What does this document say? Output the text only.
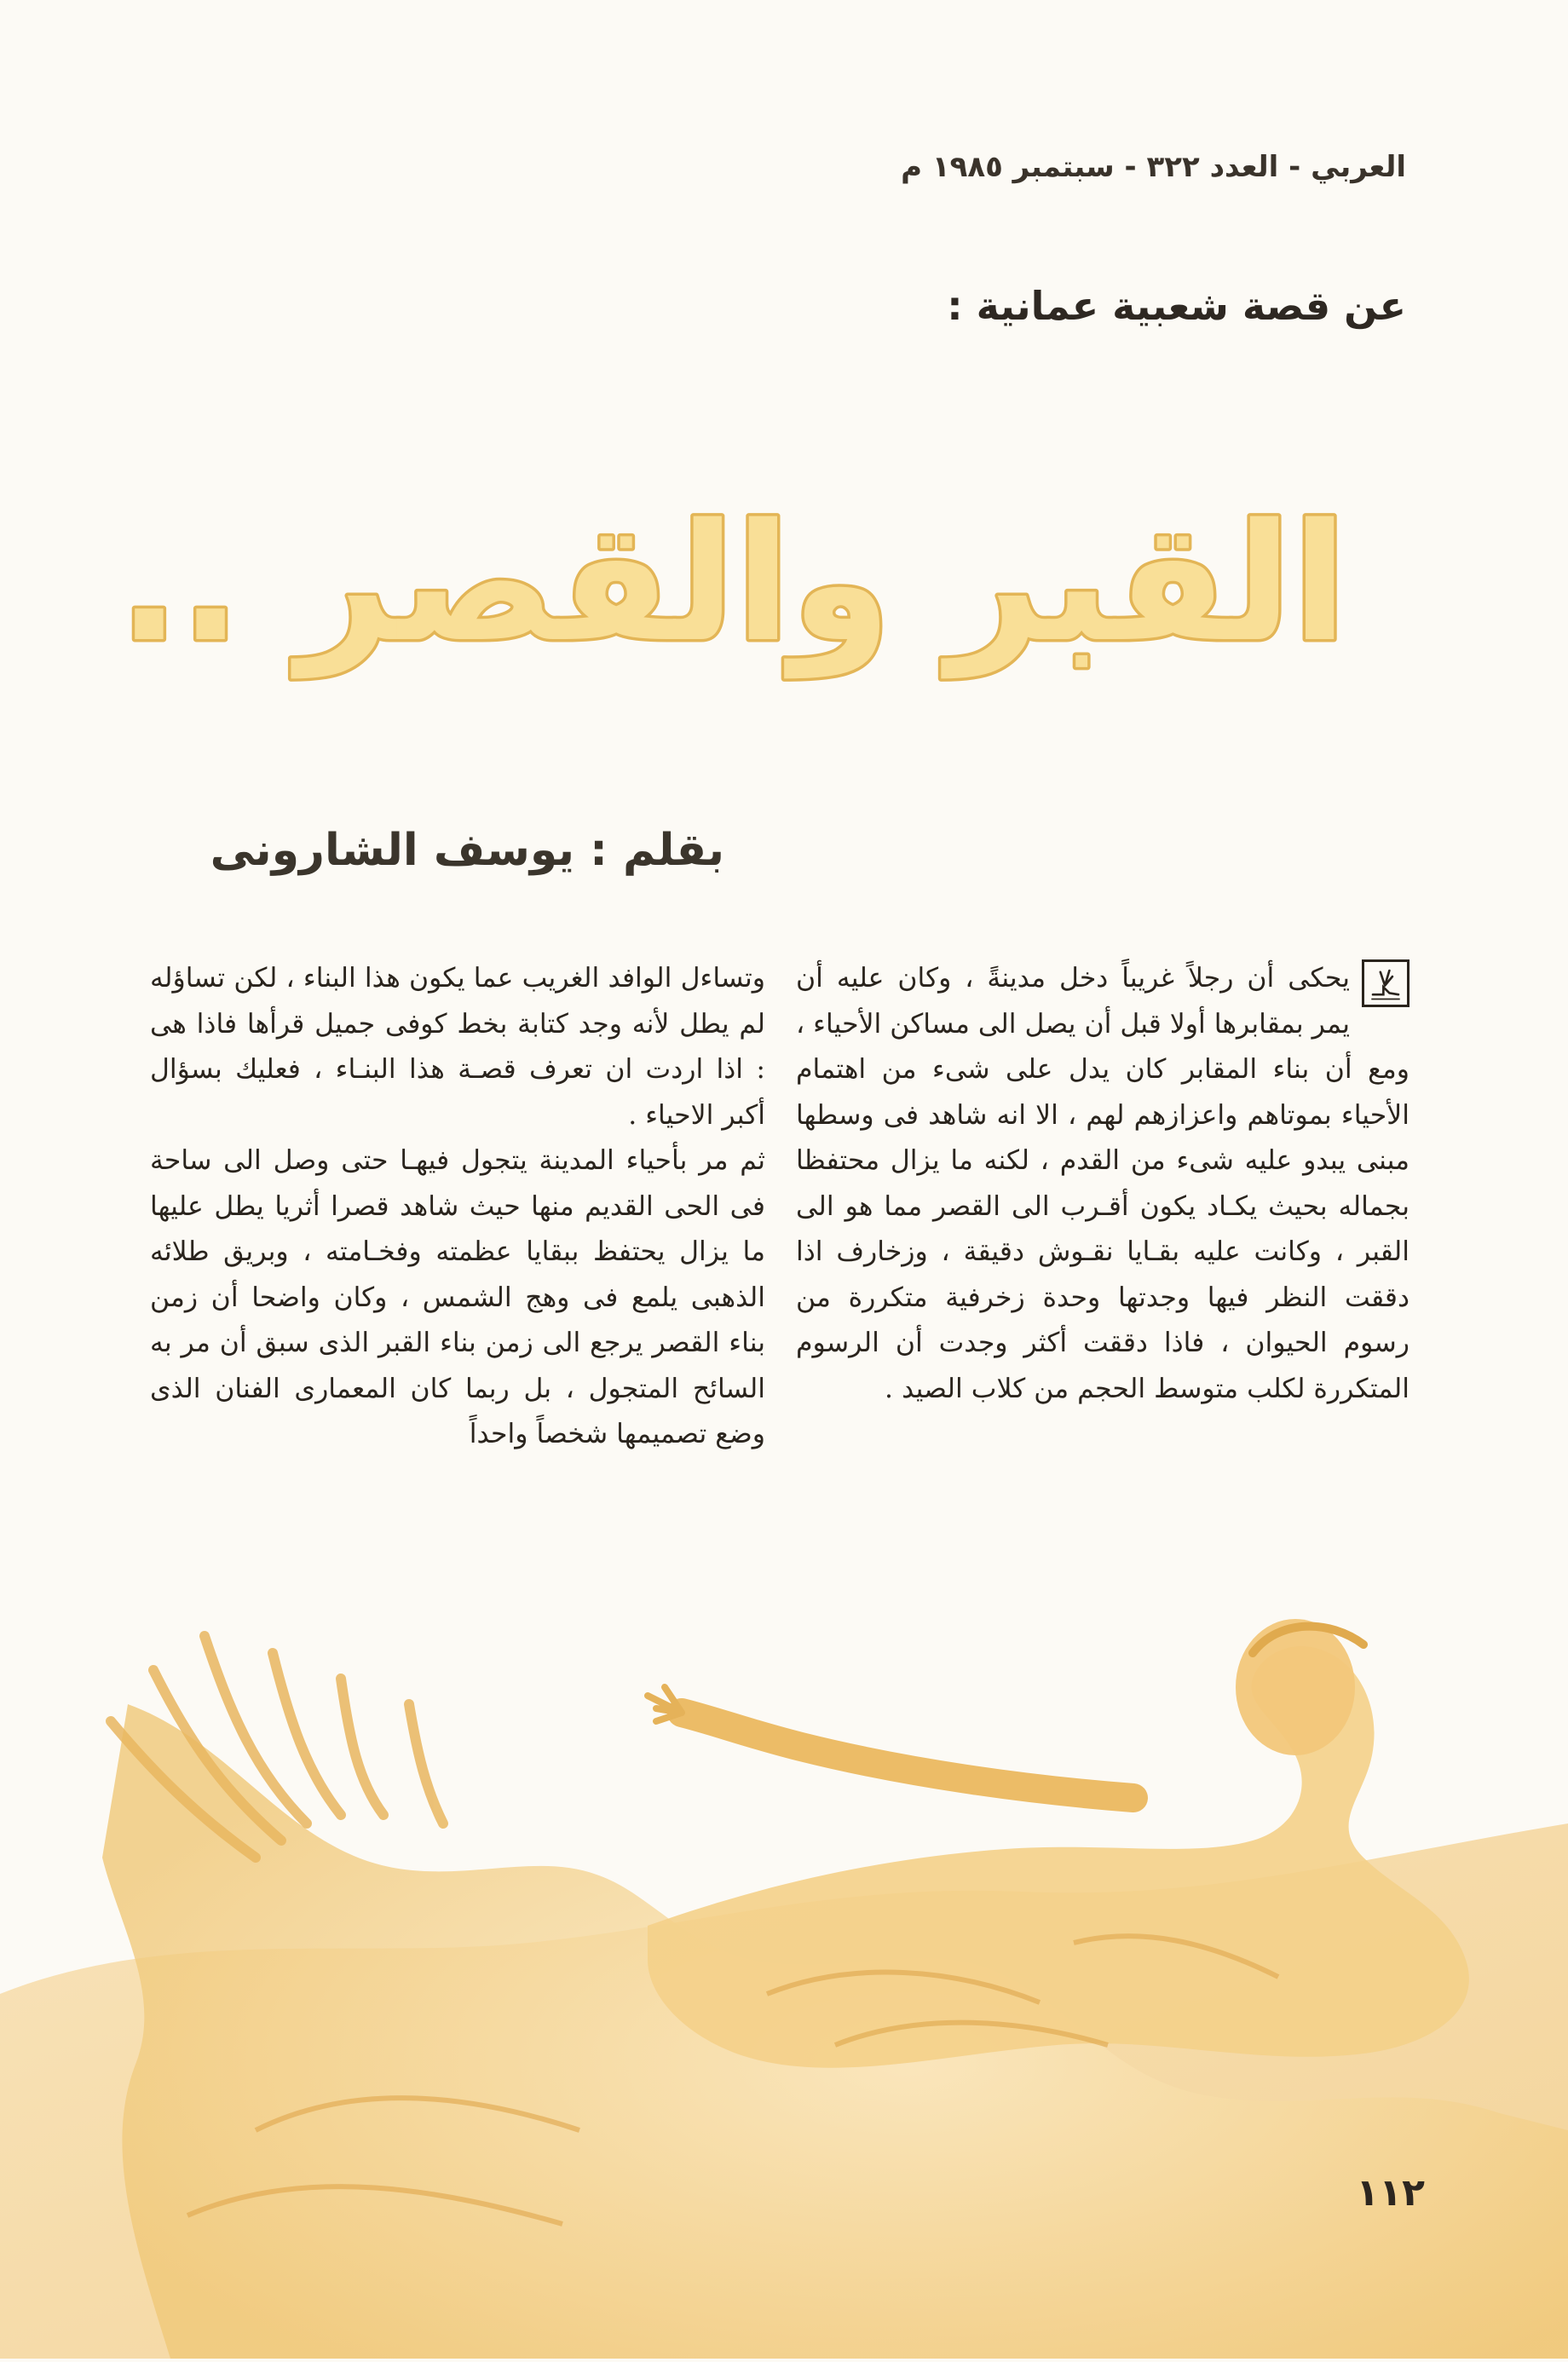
العربي - العدد ٣٢٢ - سبتمبر ١٩٨٥ م
عن قصة شعبية عمانية :
القبر والقصر ..
بقلم : يوسف الشارونى

يحكى أن رجلاً غريباً دخل مدينةً ، وكان عليه أن يمر بمقابرها أولا قبل أن يصل الى مساكن الأحياء ، ومع أن بناء المقابر كان يدل على شىء من اهتمام الأحياء بموتاهم واعزازهم لهم ، الا انه شاهد فى وسطها مبنى يبدو عليه شىء من القدم ، لكنه ما يزال محتفظا بجماله بحيث يكـاد يكون أقـرب الى القصر مما هو الى القبر ، وكانت عليه بقـايا نقـوش دقيقة ، وزخارف اذا دققت النظر فيها وجدتها وحدة زخرفية متكررة من رسوم الحيوان ، فاذا دققت أكثر وجدت أن الرسوم المتكررة لكلب متوسط الحجم من كلاب الصيد .

وتساءل الوافد الغريب عما يكون هذا البناء ، لكن تساؤله لم يطل لأنه وجد كتابة بخط كوفى جميل قرأها فاذا هى : اذا اردت ان تعرف قصـة هذا البنـاء ، فعليك بسؤال أكبر الاحياء .

ثم مر بأحياء المدينة يتجول فيهـا حتى وصل الى ساحة فى الحى القديم منها حيث شاهد قصرا أثريا يطل عليها ما يزال يحتفظ ببقايا عظمته وفخـامته ، وبريق طلائه الذهبى يلمع فى وهج الشمس ، وكان واضحا أن زمن بناء القصر يرجع الى زمن بناء القبر الذى سبق أن مر به السائح المتجول ، بل ربما كان المعمارى الفنان الذى وضع تصميمها شخصاً واحداً

١١٢
